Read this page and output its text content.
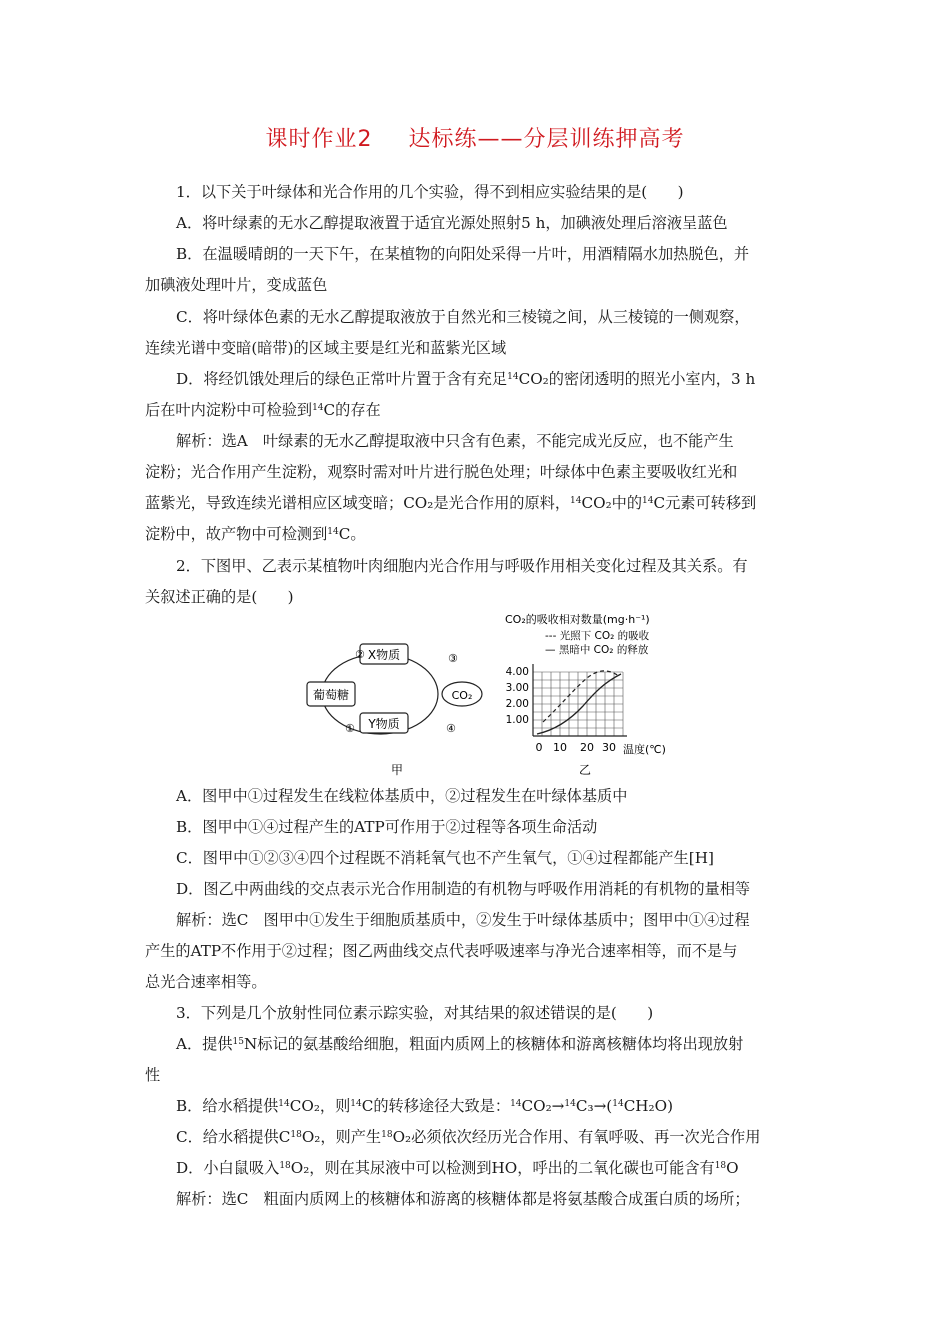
课时作业2 达标练——分层训练押高考
1．以下关于叶绿体和光合作用的几个实验，得不到相应实验结果的是(　　)
A．将叶绿素的无水乙醇提取液置于适宜光源处照射5 h，加碘液处理后溶液呈蓝色
B．在温暖晴朗的一天下午，在某植物的向阳处采得一片叶，用酒精隔水加热脱色，并
加碘液处理叶片，变成蓝色
C．将叶绿体色素的无水乙醇提取液放于自然光和三棱镜之间，从三棱镜的一侧观察，
连续光谱中变暗(暗带)的区域主要是红光和蓝紫光区域
D．将经饥饿处理后的绿色正常叶片置于含有充足$^{14}$CO₂的密闭透明的照光小室内，3 h
后在叶内淀粉中可检验到$^{14}$C的存在
解析：选A　叶绿素的无水乙醇提取液中只含有色素，不能完成光反应，也不能产生
淀粉；光合作用产生淀粉，观察时需对叶片进行脱色处理；叶绿体中色素主要吸收红光和
蓝紫光，导致连续光谱相应区域变暗；CO₂是光合作用的原料，$^{14}$CO₂中的$^{14}$C元素可转移到
淀粉中，故产物中可检测到$^{14}$C。
2．下图甲、乙表示某植物叶肉细胞内光合作用与呼吸作用相关变化过程及其关系。有
关叙述正确的是(　　)
X物质
葡萄糖	CO₂
Y物质
②	③
①	④
甲
CO₂的吸收相对数量(mg·h⁻¹)
--- 光照下 CO₂ 的吸收
— 黑暗中 CO₂ 的释放
4.00
3.00
2.00
1.00
0 10 20 30 温度(℃)
乙
A．图甲中①过程发生在线粒体基质中，②过程发生在叶绿体基质中
B．图甲中①④过程产生的ATP可作用于②过程等各项生命活动
C．图甲中①②③④四个过程既不消耗氧气也不产生氧气，①④过程都能产生[H]
D．图乙中两曲线的交点表示光合作用制造的有机物与呼吸作用消耗的有机物的量相等
解析：选C　图甲中①发生于细胞质基质中，②发生于叶绿体基质中；图甲中①④过程
产生的ATP不作用于②过程；图乙两曲线交点代表呼吸速率与净光合速率相等，而不是与
总光合速率相等。
3．下列是几个放射性同位素示踪实验，对其结果的叙述错误的是(　　)
A．提供$^{15}$N标记的氨基酸给细胞，粗面内质网上的核糖体和游离核糖体均将出现放射
性
B．给水稻提供$^{14}$CO₂，则$^{14}$C的转移途径大致是：$^{14}$CO₂→$^{14}$C₃→($^{14}$CH₂O)
C．给水稻提供$C^{18}O_2$，则产生$^{18}$O₂必须依次经历光合作用、有氧呼吸、再一次光合作用
D．小白鼠吸入$^{18}$O₂，则在其尿液中可以检测到HO，呼出的二氧化碳也可能含有$^{18}$O
解析：选C　粗面内质网上的核糖体和游离的核糖体都是将氨基酸合成蛋白质的场所；
